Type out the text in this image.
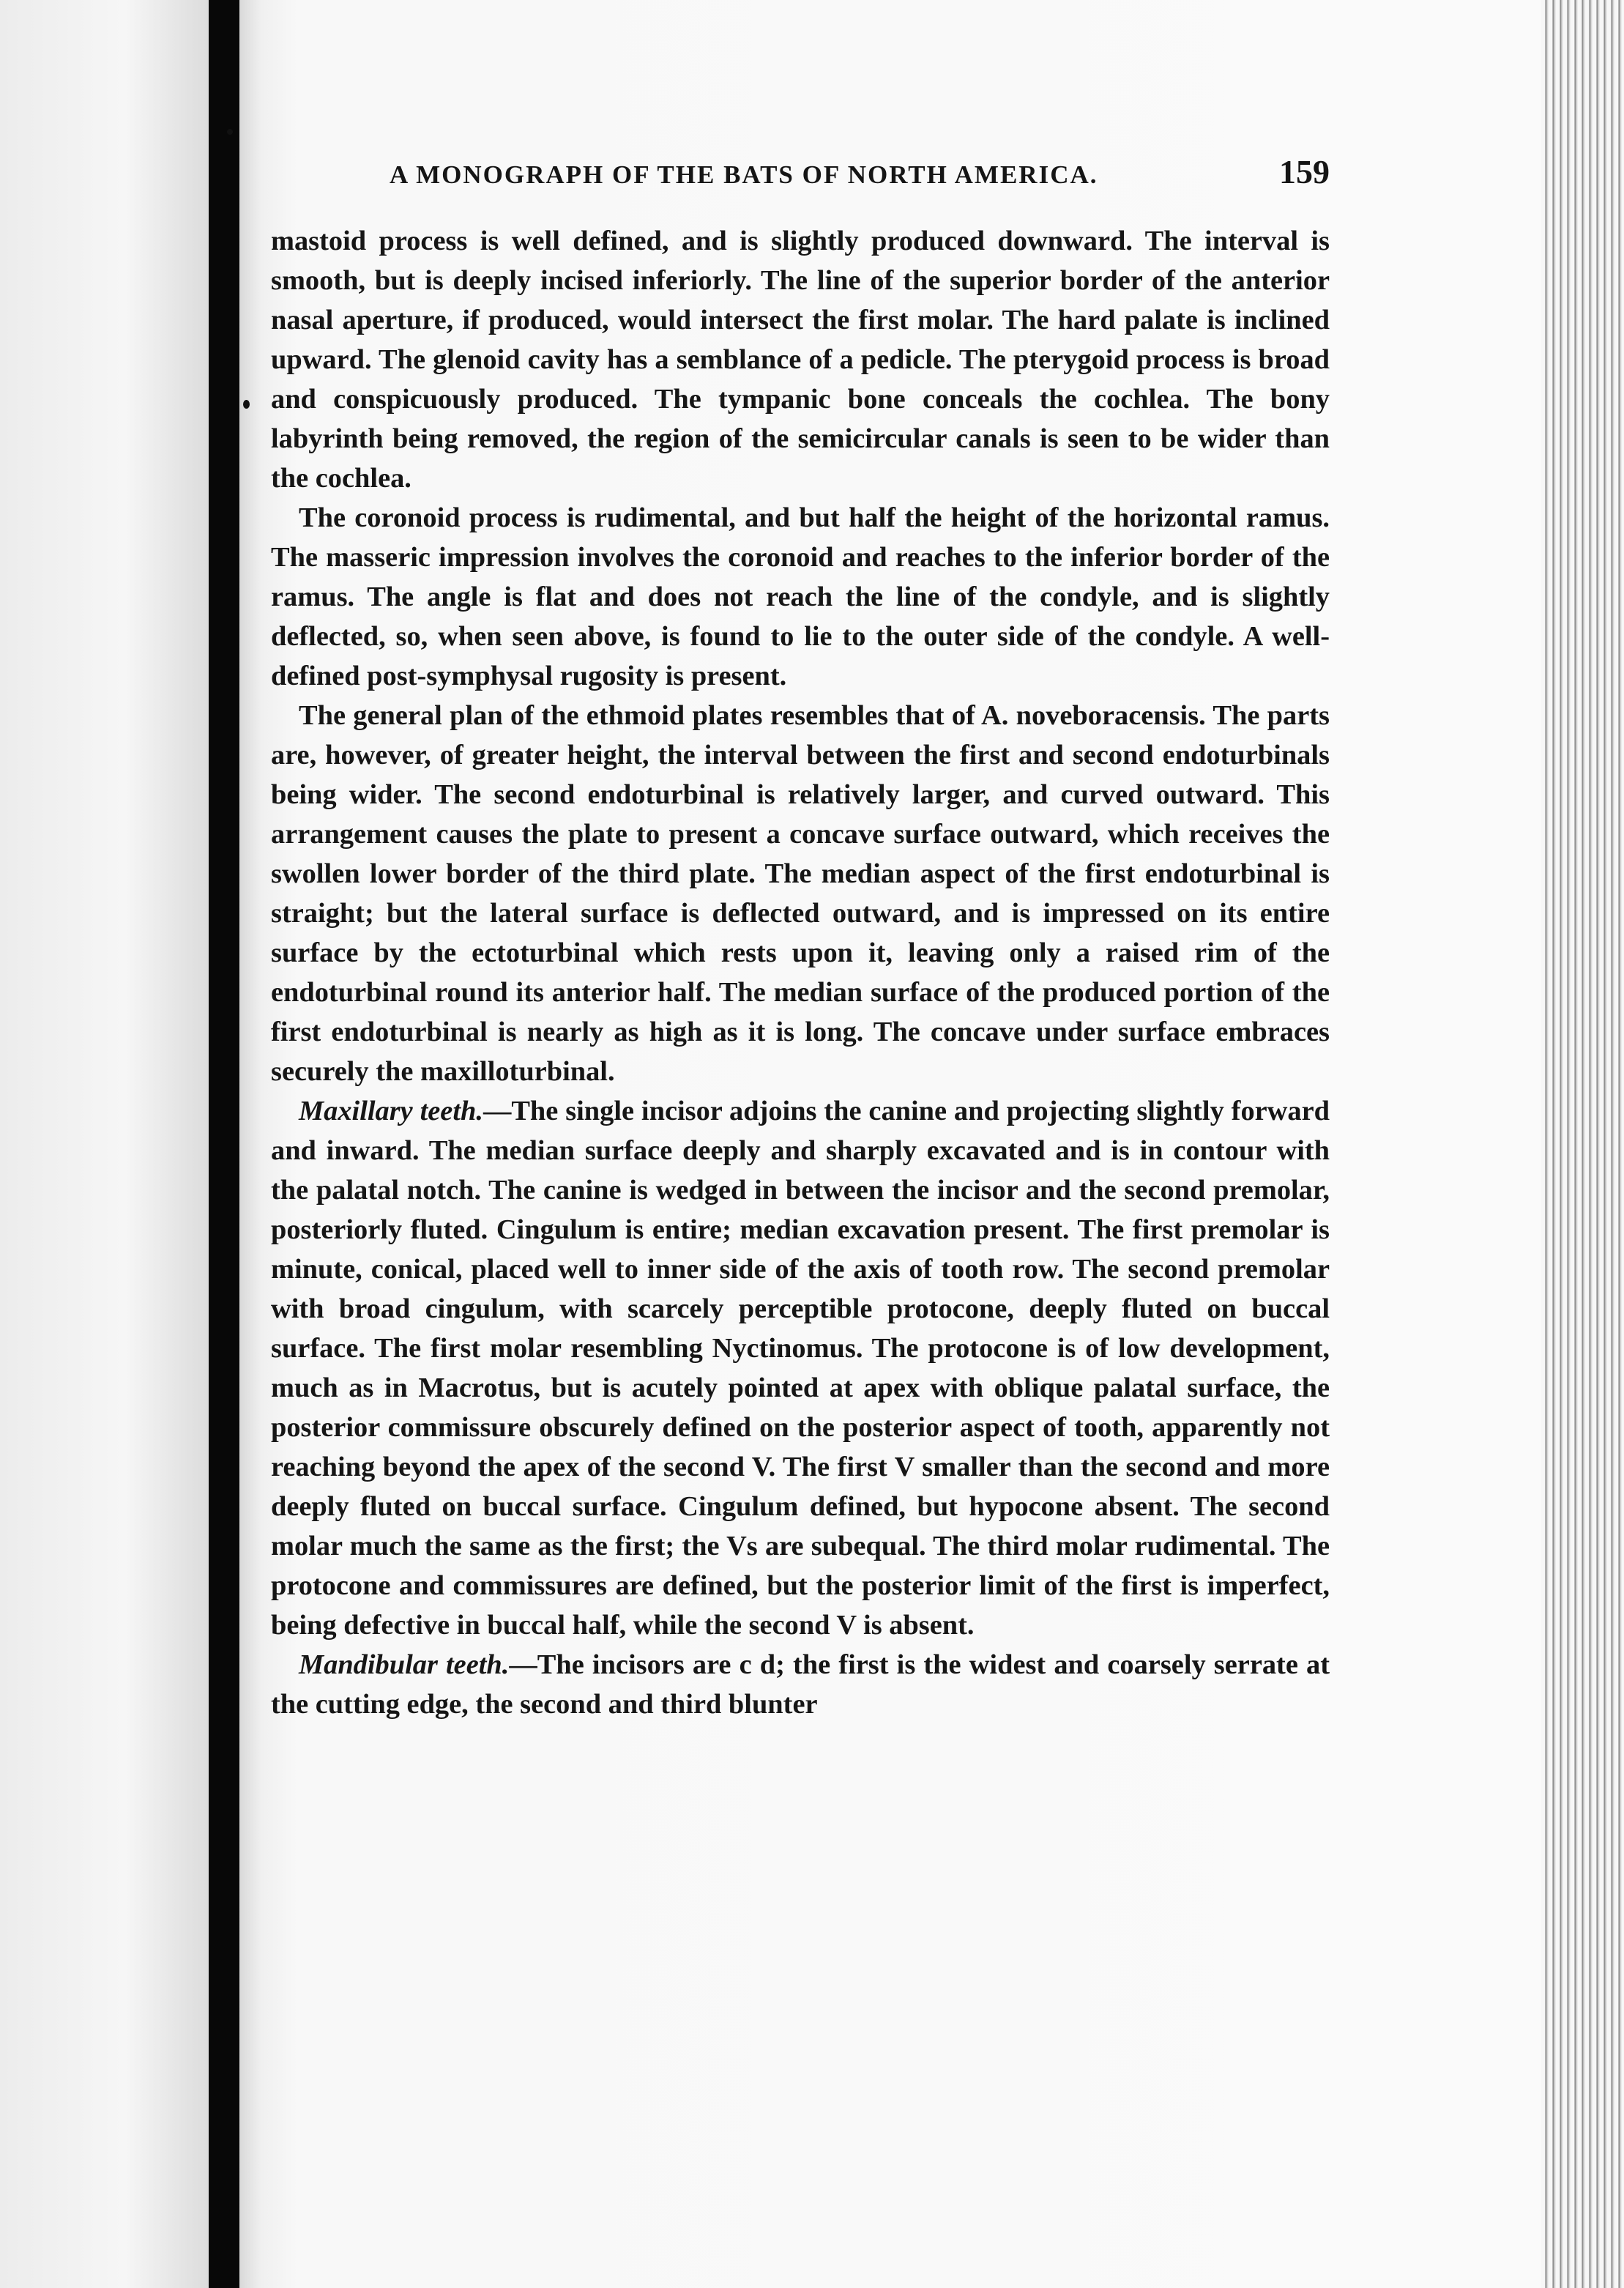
A MONOGRAPH OF THE BATS OF NORTH AMERICA.	159

mastoid process is well defined, and is slightly produced downward. The interval is smooth, but is deeply incised inferiorly. The line of the superior border of the anterior nasal aperture, if produced, would intersect the first molar. The hard palate is inclined upward. The glenoid cavity has a semblance of a pedicle. The pterygoid process is broad and conspicuously produced. The tympanic bone conceals the cochlea. The bony labyrinth being removed, the region of the semicircular canals is seen to be wider than the cochlea.

The coronoid process is rudimental, and but half the height of the horizontal ramus. The masseric impression involves the coronoid and reaches to the inferior border of the ramus. The angle is flat and does not reach the line of the condyle, and is slightly deflected, so, when seen above, is found to lie to the outer side of the condyle. A well-defined post-symphysal rugosity is present.

The general plan of the ethmoid plates resembles that of A. noveboracensis. The parts are, however, of greater height, the interval between the first and second endoturbinals being wider. The second endoturbinal is relatively larger, and curved outward. This arrangement causes the plate to present a concave surface outward, which receives the swollen lower border of the third plate. The median aspect of the first endoturbinal is straight; but the lateral surface is deflected outward, and is impressed on its entire surface by the ectoturbinal which rests upon it, leaving only a raised rim of the endoturbinal round its anterior half. The median surface of the produced portion of the first endoturbinal is nearly as high as it is long. The concave under surface embraces securely the maxilloturbinal.

Maxillary teeth.—The single incisor adjoins the canine and projecting slightly forward and inward. The median surface deeply and sharply excavated and is in contour with the palatal notch. The canine is wedged in between the incisor and the second premolar, posteriorly fluted. Cingulum is entire; median excavation present. The first premolar is minute, conical, placed well to inner side of the axis of tooth row. The second premolar with broad cingulum, with scarcely perceptible protocone, deeply fluted on buccal surface. The first molar resembling Nyctinomus. The protocone is of low development, much as in Macrotus, but is acutely pointed at apex with oblique palatal surface, the posterior commissure obscurely defined on the posterior aspect of tooth, apparently not reaching beyond the apex of the second V. The first V smaller than the second and more deeply fluted on buccal surface. Cingulum defined, but hypocone absent. The second molar much the same as the first; the Vs are subequal. The third molar rudimental. The protocone and commissures are defined, but the posterior limit of the first is imperfect, being defective in buccal half, while the second V is absent.

Mandibular teeth.—The incisors are c d; the first is the widest and coarsely serrate at the cutting edge, the second and third blunter
